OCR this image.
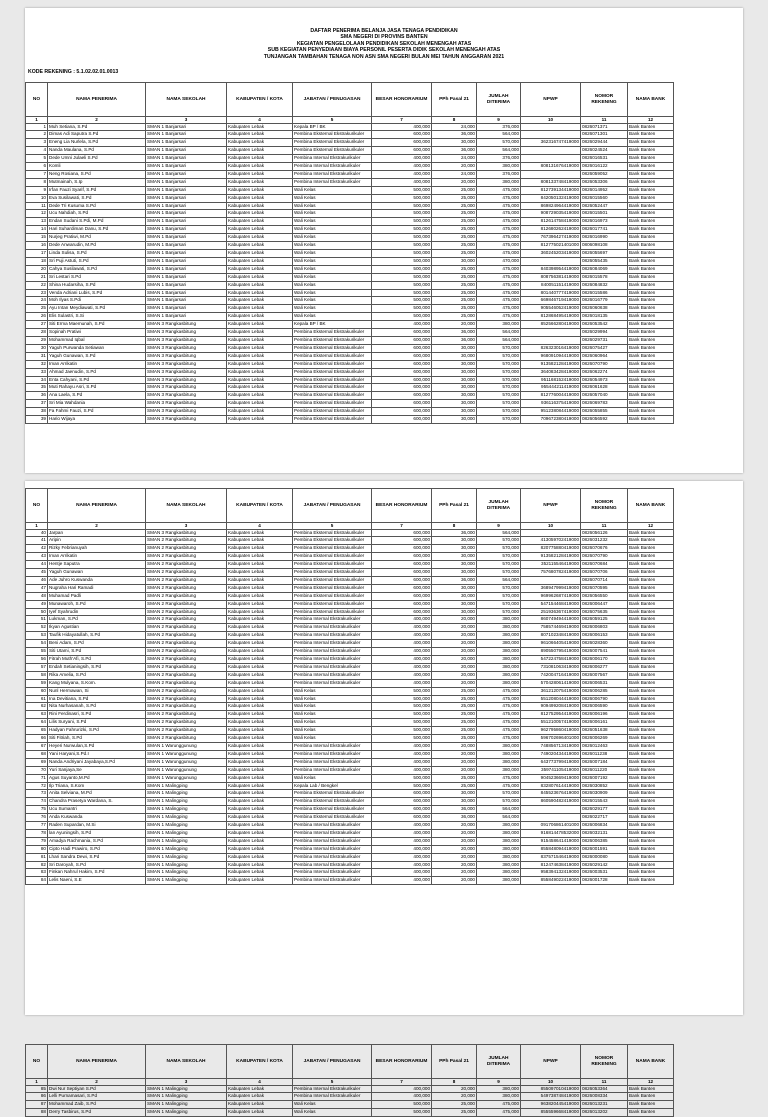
DAFTAR PENERIMA BELANJA JASA TENAGA PENDIDIKAN
SMA NEGERI DI PROVINS BANTEN
KEGIATAN PENGELOLAAN PENDIDIKAN SEKOLAH MENENGAH ATAS
SUB KEGIATAN PENYEDIAAN BIAYA PERSONIL PESERTA DIDIK SEKOLAH MENENGAH ATAS
TUNJANGAN TAMBAHAN TENAGA NON ASN SMA NEGERI BULAN MEI TAHUN ANGGARAN 2021
KODE REKENING : 5.1.02.02.01.0013
NO	NAMA PENERIMA	NAMA SEKOLAH	KABUPATEN / KOTA	JABATAN / PENUGASAN	BESAR HONORARIUM	PPh Pasal 21	JUMLAH DITERIMA	NPWP	NOMOR REKENING	NAMA BANK
1	2	3	4	5	7	8	9	10	11	12
1	Muh Setiana, S.Pd	SMAN 1 Banjarsari	Kabupaten Lebak	Kepala BP / BK	400,000	24,000	376,000		0826071371	Bank Banten
2	Dimas Adi Saputra S.Pd	SMAN 1 Banjarsari	Kabupaten Lebak	Pembina Eksternal Ekstrakurikuler	600,000	36,000	564,000		0826071301	Bank Banten
3	Eneng Lia Nurlela, S.Pd	SMAN 1 Banjarsari	Kabupaten Lebak	Pembina Eksternal Ekstrakurikuler	600,000	30,000	570,000	362316747419000	0826029444	Bank Banten
4	Nanda Maulana, S.Pd	SMAN 1 Banjarsari	Kabupaten Lebak	Pembina Eksternal Ekstrakurikuler	600,000	36,000	564,000		0826024524	Bank Banten
5	Dede Umni Julaeli S.Pd	SMAN 1 Banjarsari	Kabupaten Lebak	Pembina Internal Ekstrakurikuler	400,000	24,000	376,000		0826016531	Bank Banten
6	Komli	SMAN 1 Banjarsari	Kabupaten Lebak	Pembina Internal Ekstrakurikuler	400,000	20,000	380,000	808131676419000	0826016122	Bank Banten
7	Neng Rosiana, S.Pd	SMAN 1 Banjarsari	Kabupaten Lebak	Pembina Internal Ekstrakurikuler	400,000	24,000	376,000		0826059052	Bank Banten
8	Mutmainah, S.Ip	SMAN 1 Banjarsari	Kabupaten Lebak	Pembina Internal Ekstrakurikuler	400,000	20,000	380,000	808133748419000	0826053306	Bank Banten
9	Irfan Fauzi Syarif, S.Pd	SMAN 1 Banjarsari	Kabupaten Lebak	Wali Kelas	500,000	25,000	475,000	812739134419000	0826014952	Bank Banten
10	Eva Susilawati, S.Pd	SMAN 1 Banjarsari	Kabupaten Lebak	Wali Kelas	500,000	25,000	475,000	842050132419000	0826015560	Bank Banten
11	Dede Tri Kusuma S.Pd	SMAN 1 Banjarsari	Kabupaten Lebak	Wali Kelas	500,000	25,000	475,000	869824964419000	0826052447	Bank Banten
12	Ucu Nahdiah, S.Pd	SMAN 1 Banjarsari	Kabupaten Lebak	Wali Kelas	500,000	25,000	475,000	908729035419000	0826015501	Bank Banten
13	Endan Sudani S.Pdi, M.Pd	SMAN 1 Banjarsari	Kabupaten Lebak	Wali Kelas	500,000	25,000	475,000	812614758419000	0826016973	Bank Banten
14	Hari Suhardiman Danu, S.Pd	SMAN 1 Banjarsari	Kabupaten Lebak	Wali Kelas	500,000	25,000	475,000	812680262419000	0826017741	Bank Banten
15	Nurjeg Pratiwi, M.Pd	SMAN 1 Banjarsari	Kabupaten Lebak	Wali Kelas	500,000	25,000	475,000	767396427419000	0826016990	Bank Banten
16	Dede Anwarudin, M.Pd	SMAN 1 Banjarsari	Kabupaten Lebak	Wali Kelas	500,000	25,000	475,000	812775021401000	0806098108	Bank Banten
17	Linda Sulisa, S.Pd	SMAN 1 Banjarsari	Kabupaten Lebak	Wali Kelas	500,000	25,000	475,000	360245203419000	0826055697	Bank Banten
18	Sri Puji Astuti, S.Pd	SMAN 1 Banjarsari	Kabupaten Lebak	Wali Kelas	500,000	30,000	470,000		0826055435	Bank Banten
20	Cahya Susilawati, S.Pd	SMAN 1 Banjarsari	Kabupaten Lebak	Wali Kelas	500,000	25,000	475,000	840398954419000	0826084069	Bank Banten
21	Sri Lestari S.Pd	SMAN 1 Banjarsari	Kabupaten Lebak	Wali Kelas	500,000	25,000	475,000	808756381419000	0826015578	Bank Banten
22	Shina Hudarsiha, S.Pd	SMAN 1 Banjarsari	Kabupaten Lebak	Wali Kelas	500,000	25,000	475,000	840051151419000	0826084832	Bank Banten
23	Venda Adriani Lubis, S.Pd	SMAN 1 Banjarsari	Kabupaten Lebak	Wali Kelas	500,000	25,000	475,000	801440777419000	0826015586	Bank Banten
24	Moh Ilyas S.Pdi	SMAN 1 Banjarsari	Kabupaten Lebak	Wali Kelas	500,000	25,000	475,000	669846719419000	0826016779	Bank Banten
25	Ayu Intan Meydiawati, S.Pd	SMAN 1 Banjarsari	Kabupaten Lebak	Wali Kelas	500,000	25,000	475,000	905546052419000	0826060638	Bank Banten
26	Elis Sulastri, S.Si	SMAN 1 Banjarsari	Kabupaten Lebak	Wali Kelas	500,000	25,000	475,000	812868495419000	0826018135	Bank Banten
27	Siti Erma Maemunah, S.Pd	SMAN 3 Rangkasbitung	Kabupaten Lebak	Kepala BP / BK	400,000	20,000	380,000	852566280419000	0826053542	Bank Banten
28	Sopinah Pratiwi	SMAN 3 Rangkasbitung	Kabupaten Lebak	Pembina Eksternal Ekstrakurikuler	600,000	36,000	564,000		0826029994	Bank Banten
29	Mohammad Iqbal	SMAN 3 Rangkasbitung	Kabupaten Lebak	Pembina Eksternal Ekstrakurikuler	600,000	36,000	564,000		0826029731	Bank Banten
30	Yaguh Purwanda Setiawan	SMAN 3 Rangkasbitung	Kabupaten Lebak	Pembina Eksternal Ekstrakurikuler	600,000	30,000	570,000	826323016419000	0826075427	Bank Banten
31	Yaguh Gunawan, S.Pd	SMAN 3 Rangkasbitung	Kabupaten Lebak	Pembina Eksternal Ekstrakurikuler	600,000	30,000	570,000	968091094419000	0826060964	Bank Banten
32	Iman Arrikatin	SMAN 3 Rangkasbitung	Kabupaten Lebak	Pembina Eksternal Ekstrakurikuler	600,000	30,000	570,000	913582128419000	0826070790	Bank Banten
33	Ahmad Jaenudin, S.Pd	SMAN 3 Rangkasbitung	Kabupaten Lebak	Pembina Eksternal Ekstrakurikuler	600,000	30,000	570,000	364083428419000	0826062274	Bank Banten
34	Enta Cahyani, S.Pd	SMAN 3 Rangkasbitung	Kabupaten Lebak	Pembina Eksternal Ekstrakurikuler	600,000	30,000	570,000	951168152419000	0826054973	Bank Banten
35	Muti Rahayu Asri, S.Pd	SMAN 3 Rangkasbitung	Kabupaten Lebak	Pembina Eksternal Ekstrakurikuler	600,000	30,000	570,000	955444211419000	0826061628	Bank Banten
36	Ana Laela, S.Pd	SMAN 3 Rangkasbitung	Kabupaten Lebak	Pembina Eksternal Ekstrakurikuler	600,000	30,000	570,000	812776004419000	0826057040	Bank Banten
37	Sri Mia Wahdania	SMAN 3 Rangkasbitung	Kabupaten Lebak	Pembina Eksternal Ekstrakurikuler	600,000	30,000	570,000	936116375419000	0826069783	Bank Banten
38	Fa Fahmi Fauzi, S.Pd	SMAN 3 Rangkasbitung	Kabupaten Lebak	Pembina Eksternal Ekstrakurikuler	600,000	30,000	570,000	951238084419000	0826055855	Bank Banten
39	Hario Wijaya	SMAN 3 Rangkasbitung	Kabupaten Lebak	Pembina Eksternal Ekstrakurikuler	600,000	30,000	570,000	709672380419000	0826056592	Bank Banten
NO	NAMA PENERIMA	NAMA SEKOLAH	KABUPATEN / KOTA	JABATAN / PENUGASAN	BESAR HONORARIUM	PPh Pasal 21	JUMLAH DITERIMA	NPWP	NOMOR REKENING	NAMA BANK
1	2	3	4	5	7	8	9	10	11	12
40	Jarpan	SMAN 3 Rangkasbitung	Kabupaten Lebak	Pembina Eksternal Ekstrakurikuler	600,000	36,000	564,000		0826056126	Bank Banten
41	Aripin	SMAN 2 Rangkasbitung	Kabupaten Lebak	Pembina Eksternal Ekstrakurikuler	600,000	30,000	570,000	413059702419000	0826031232	Bank Banten
42	Rizky Febrianuyah	SMAN 2 Rangkasbitung	Kabupaten Lebak	Pembina Eksternal Ekstrakurikuler	600,000	30,000	570,000	820775880419000	0826070676	Bank Banten
43	Iman Arrikatin	SMAN 2 Rangkasbitung	Kabupaten Lebak	Pembina Eksternal Ekstrakurikuler	600,000	30,000	570,000	913582128419000	0826070790	Bank Banten
44	Hentje Saputra	SMAN 2 Rangkasbitung	Kabupaten Lebak	Pembina Eksternal Ekstrakurikuler	600,000	30,000	570,000	352115546419000	0826070684	Bank Banten
45	Yaguh Gunawan	SMAN 2 Rangkasbitung	Kabupaten Lebak	Pembina Eksternal Ekstrakurikuler	600,000	30,000	570,000	757680782419000	0826070706	Bank Banten
46	Ade Juhro Kuswanda	SMAN 2 Rangkasbitung	Kabupaten Lebak	Pembina Eksternal Ekstrakurikuler	600,000	36,000	564,000		0826070714	Bank Banten
47	Nugraha Hari Ramadi	SMAN 2 Rangkasbitung	Kabupaten Lebak	Pembina Eksternal Ekstrakurikuler	600,000	30,000	570,000	368947999419000	0826070595	Bank Banten
48	Muhamad Padli	SMAN 2 Rangkasbitung	Kabupaten Lebak	Pembina Eksternal Ekstrakurikuler	600,000	30,000	570,000	969962687419000	0826056550	Bank Banten
49	Munawaroh, S.Pd	SMAN 2 Rangkasbitung	Kabupaten Lebak	Pembina Eksternal Ekstrakurikuler	600,000	30,000	570,000	547154468419000	0826006447	Bank Banten
50	Iyef Syahrudin	SMAN 2 Rangkasbitung	Kabupaten Lebak	Pembina Eksternal Ekstrakurikuler	600,000	30,000	570,000	251936367419000	0826075635	Bank Banten
51	Lukman, S.Pd	SMAN 2 Rangkasbitung	Kabupaten Lebak	Pembina Internal Ekstrakurikuler	400,000	20,000	380,000	860749494419000	0826059125	Bank Banten
52	Ikyan Agustian	SMAN 2 Rangkasbitung	Kabupaten Lebak	Pembina Internal Ekstrakurikuler	400,000	20,000	380,000	758574469419000	0826006803	Bank Banten
53	Taufik Hidayatullah, S.Pd	SMAN 2 Rangkasbitung	Kabupaten Lebak	Pembina Internal Ekstrakurikuler	400,000	20,000	380,000	807102348419000	0826006153	Bank Banten
54	Beni Adam, S.Pd	SMAN 2 Rangkasbitung	Kabupaten Lebak	Pembina Internal Ekstrakurikuler	400,000	20,000	380,000	961066405419000	0826028360	Bank Banten
55	Siti Utami, S.Pd	SMAN 2 Rangkasbitung	Kabupaten Lebak	Pembina Internal Ekstrakurikuler	400,000	20,000	380,000	890550795419000	0826007541	Bank Banten
56	Fitrah Muth'Afi, S.Pd	SMAN 2 Rangkasbitung	Kabupaten Lebak	Pembina Internal Ekstrakurikuler	400,000	20,000	380,000	547224758419000	0826006170	Bank Banten
57	Endah Setianingsih, S.Pd	SMAN 2 Rangkasbitung	Kabupaten Lebak	Pembina Internal Ekstrakurikuler	400,000	20,000	380,000	731081063419000	0826006277	Bank Banten
58	Rika Amelia, S.Pd	SMAN 2 Rangkasbitung	Kabupaten Lebak	Pembina Internal Ekstrakurikuler	400,000	20,000	380,000	742004716419000	0826007567	Bank Banten
59	Kang Mulyana, S.Kom.	SMAN 2 Rangkasbitung	Kabupaten Lebak	Pembina Internal Ekstrakurikuler	400,000	20,000	380,000	570428061419000	0826006531	Bank Banten
60	Nunl Hermawan, Si	SMAN 2 Rangkasbitung	Kabupaten Lebak	Wali Kelas	500,000	25,000	475,000	361212075419000	0826006285	Bank Banten
61	Ina Devitiana, S.Pd	SMAN 2 Rangkasbitung	Kabupaten Lebak	Wali Kelas	500,000	25,000	475,000	551208044419000	0826006790	Bank Banten
62	Nita Nurhasanah, S.Pd	SMAN 2 Rangkasbitung	Kabupaten Lebak	Wali Kelas	500,000	25,000	475,000	909499208419000	0826006590	Bank Banten
63	Rini Ferdinasri, S.Pd	SMAN 2 Rangkasbitung	Kabupaten Lebak	Wali Kelas	500,000	25,000	475,000	812752954419000	0826006196	Bank Banten
64	Lilis Suryani, S.Pd	SMAN 2 Rangkasbitung	Kabupaten Lebak	Wali Kelas	500,000	25,000	475,000	551210057419000	0826006161	Bank Banten
65	Hadyan Fahrurizki, S.Pd	SMAN 2 Rangkasbitung	Kabupaten Lebak	Wali Kelas	500,000	25,000	475,000	962795860419000	0826051638	Bank Banten
66	Siti Fitriah, S.Pd	SMAN 2 Rangkasbitung	Kabupaten Lebak	Wali Kelas	500,000	25,000	475,000	596702696401000	0826006269	Bank Banten
67	Heyeri Nurwulan,S.Pd	SMAN 1 Warunggunung	Kabupaten Lebak	Pembina Internal Ekstrakurikuler	400,000	20,000	380,000	748856713419000	0826012463	Bank Banten
68	Yani Haryani,S.Pd.I	SMAN 1 Warunggunung	Kabupaten Lebak	Pembina Internal Ekstrakurikuler	400,000	20,000	380,000	749020434419000	0826011238	Bank Banten
69	Nanda Andriyani Jayabaya,S.Pd	SMAN 1 Warunggunung	Kabupaten Lebak	Pembina Internal Ekstrakurikuler	400,000	20,000	380,000	643773799419000	0826007184	Bank Banten
70	Yuri Sanjaya,Se	SMAN 1 Warunggunung	Kabupaten Lebak	Pembina Internal Ekstrakurikuler	400,000	20,000	380,000	359741105419000	0826011220	Bank Banten
71	Agus Suyanto,M.Pd	SMAN 1 Warunggunung	Kabupaten Lebak	Wali Kelas	500,000	25,000	475,000	904523669419000	0826007192	Bank Banten
72	Ilp Triana, S.Kom	SMAN 1 Malingping	Kabupaten Lebak	Kepala Lab / Bengkel	500,000	25,000	475,000	832807614419000	0826030852	Bank Banten
73	Anita Selviana, M.Pd	SMAN 1 Malingping	Kabupaten Lebak	Pembina Eksternal Ekstrakurikuler	600,000	30,000	570,000	845523676419000	0826030909	Bank Banten
74	Chandra Prasetya Wardana, S.	SMAN 1 Malingping	Kabupaten Lebak	Pembina Eksternal Ekstrakurikuler	600,000	30,000	570,000	860590482419000	0826015543	Bank Banten
75	Ucu Sumantri	SMAN 1 Malingping	Kabupaten Lebak	Pembina Eksternal Ekstrakurikuler	600,000	36,000	564,000		0826029177	Bank Banten
76	Anda Kuswanda	SMAN 1 Malingping	Kabupaten Lebak	Pembina Eksternal Ekstrakurikuler	600,000	36,000	564,000		0826022717	Bank Banten
77	Raden Supardan, M.Si	SMAN 1 Malingping	Kabupaten Lebak	Pembina Internal Ekstrakurikuler	400,000	20,000	380,000	091706861401000	0826006834	Bank Banten
78	lan Ayuningsih, S.Pd	SMAN 1 Malingping	Kabupaten Lebak	Pembina Internal Ekstrakurikuler	400,000	20,000	380,000	916814478532000	0826032131	Bank Banten
79	Amadya Rachmania, S.Pd	SMAN 1 Malingping	Kabupaten Lebak	Pembina Internal Ekstrakurikuler	400,000	20,000	380,000	915458641419000	0826006385	Bank Banten
80	Cipto Hadi Prawiro, S.Pd	SMAN 1 Malingping	Kabupaten Lebak	Pembina Internal Ekstrakurikuler	400,000	20,000	380,000	855848094419000	0826001591	Bank Banten
81	Lhari Sandra Dewi, S.Pd	SMAN 1 Malingping	Kabupaten Lebak	Pembina Internal Ekstrakurikuler	400,000	20,000	380,000	837571546419000	0826000080	Bank Banten
82	Sri Daroyah, S.Pd	SMAN 1 Malingping	Kabupaten Lebak	Pembina Internal Ekstrakurikuler	400,000	20,000	380,000	812474638419000	0826029142	Bank Banten
83	Finkan Nahrul Hakim, S.Pd	SMAN 1 Malingping	Kabupaten Lebak	Pembina Internal Ekstrakurikuler	400,000	20,000	380,000	958394132419000	0826003531	Bank Banten
84	Lelis Naeni, S.E	SMAN 1 Malingping	Kabupaten Lebak	Pembina Internal Ekstrakurikuler	400,000	20,000	380,000	855849022419000	0826001728	Bank Banten
NO	NAMA PENERIMA	NAMA SEKOLAH	KABUPATEN / KOTA	JABATAN / PENUGASAN	BESAR HONORARIUM	PPh Pasal 21	JUMLAH DITERIMA	NPWP	NOMOR REKENING	NAMA BANK
1	2	3	4	5	7	8	9	10	11	12
85	Dwi Nur Septiyan S.Pd	SMAN 1 Malingping	Kabupaten Lebak	Pembina Internal Ekstrakurikuler	400,000	20,000	380,000	855097010419000	0826053364	Bank Banten
86	Lelli Purnamasari, S.Pd	SMAN 1 Malingping	Kabupaten Lebak	Pembina Internal Ekstrakurikuler	400,000	20,000	380,000	549738748419000	0826008334	Bank Banten
87	Mohammad Zaib, S.Pd	SMAN 1 Malingping	Kabupaten Lebak	Wali Kelas	500,000	25,000	475,000	963820445419000	0826013231	Bank Banten
88	Derry Tasbirus, S.Pd	SMAN 1 Malingping	Kabupaten Lebak	Wali Kelas	500,000	25,000	475,000	855559668419000	0826013202	Bank Banten
